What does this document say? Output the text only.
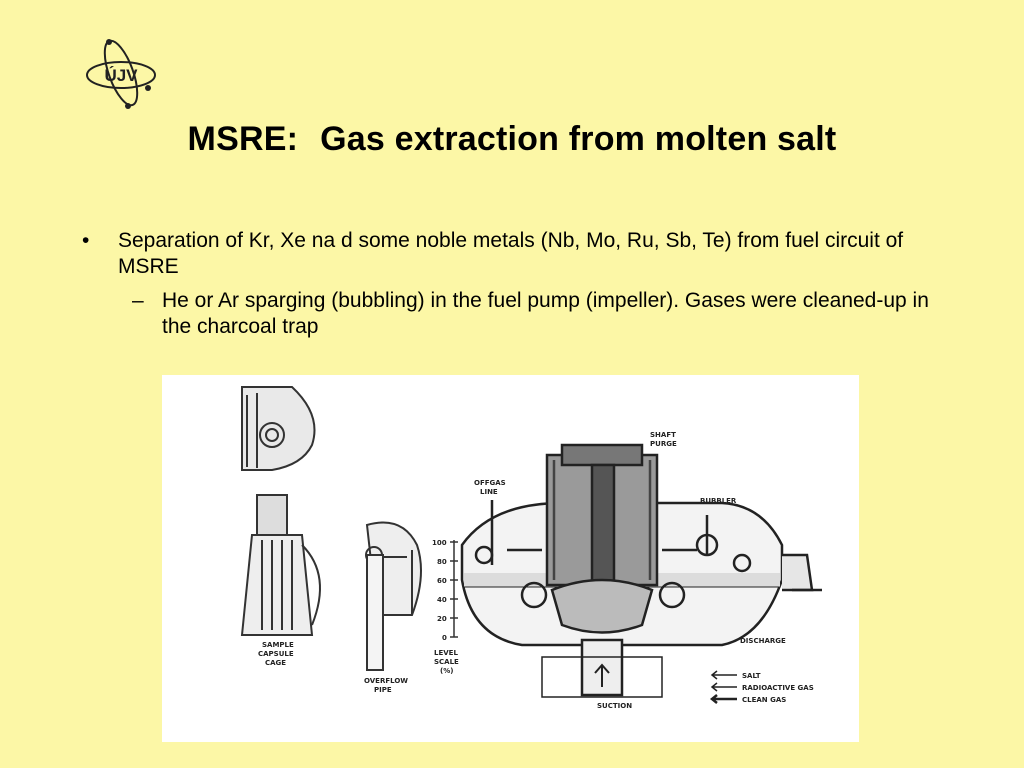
ÚJV
MSRE: Gas extraction from molten salt
• Separation of Kr, Xe na d some noble metals (Nb, Mo, Ru, Sb, Te) from fuel circuit of MSRE
– He or Ar sparging (bubbling) in the fuel pump (impeller). Gases were cleaned-up in the charcoal trap
SAMPLE
CAPSULE
CAGE
OVERFLOW
PIPE
100
80
60
40
20
0
LEVEL
SCALE
(%)
SHAFT
PURGE
OFFGAS
LINE
BUBBLER
DISCHARGE
SUCTION
SALT
RADIOACTIVE GAS
CLEAN GAS
